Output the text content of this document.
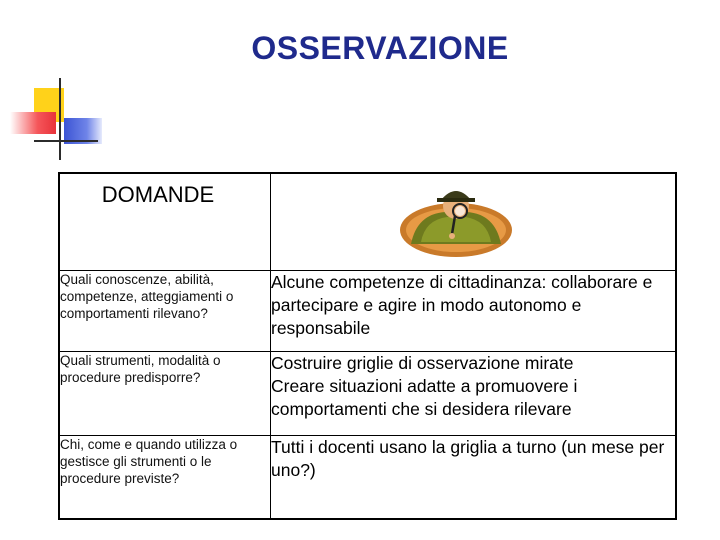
OSSERVAZIONE
DOMANDE

Quali conoscenze, abilità, competenze, atteggiamenti o comportamenti rilevano?	Alcune competenze di cittadinanza: collaborare e partecipare e agire in modo autonomo e responsabile
Quali strumenti, modalità o procedure predisporre?	Costruire griglie di osservazione mirate
Creare situazioni adatte a promuovere i comportamenti che si desidera rilevare

Chi, come e quando utilizza o gestisce gli strumenti o le procedure previste?	Tutti i docenti usano la griglia a turno (un mese per uno?)
